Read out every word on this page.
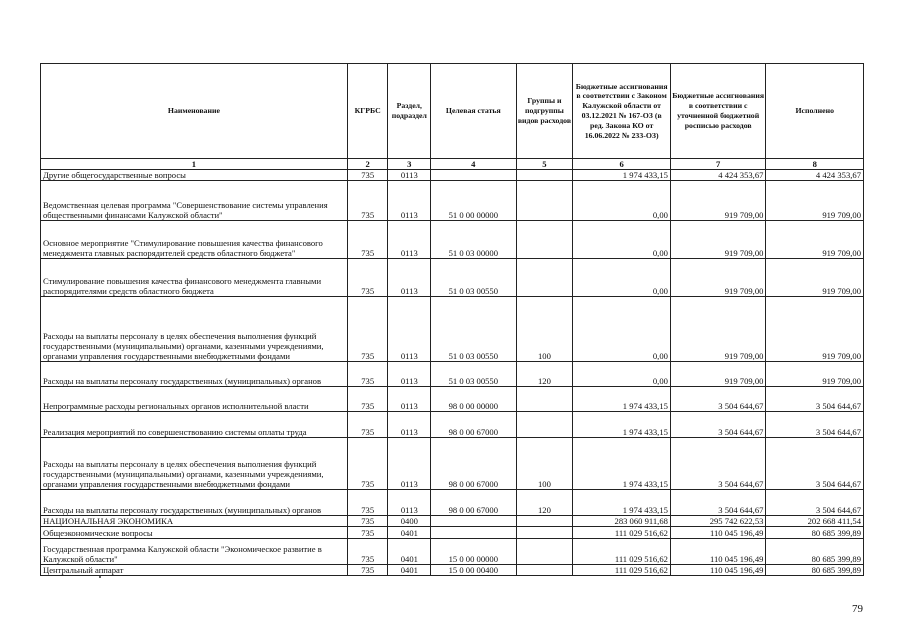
Наименование	КГРБС	Раздел, подраздел	Целевая статья	Группы и подгруппы видов расходов	Бюджетные ассигнования в соответствии с Законом Калужской области от 03.12.2021 № 167-ОЗ (в ред. Закона КО от 16.06.2022 № 233-ОЗ)	Бюджетные ассигнования в соответствии с уточненной бюджетной росписью расходов	Исполнено
1	2	3	4	5	6	7	8
Другие общегосударственные вопросы	735	0113			1 974 433,15	4 424 353,67	4 424 353,67
Ведомственная целевая программа "Совершенствование системы управления общественными финансами Калужской области"	735	0113	51 0 00 00000		0,00	919 709,00	919 709,00
Основное мероприятие "Стимулирование повышения качества финансового менеджмента главных распорядителей средств областного бюджета"	735	0113	51 0 03 00000		0,00	919 709,00	919 709,00
Стимулирование повышения качества финансового менеджмента главными распорядителями средств областного бюджета	735	0113	51 0 03 00550		0,00	919 709,00	919 709,00
Расходы на выплаты персоналу в целях обеспечения выполнения функций государственными (муниципальными) органами, казенными учреждениями, органами управления государственными внебюджетными фондами	735	0113	51 0 03 00550	100	0,00	919 709,00	919 709,00
Расходы на выплаты персоналу государственных (муниципальных) органов	735	0113	51 0 03 00550	120	0,00	919 709,00	919 709,00
Непрограммные расходы региональных органов исполнительной власти	735	0113	98 0 00 00000		1 974 433,15	3 504 644,67	3 504 644,67
Реализация мероприятий по совершенствованию системы оплаты труда	735	0113	98 0 00 67000		1 974 433,15	3 504 644,67	3 504 644,67
Расходы на выплаты персоналу в целях обеспечения выполнения функций государственными (муниципальными) органами, казенными учреждениями, органами управления государственными внебюджетными фондами	735	0113	98 0 00 67000	100	1 974 433,15	3 504 644,67	3 504 644,67
Расходы на выплаты персоналу государственных (муниципальных) органов	735	0113	98 0 00 67000	120	1 974 433,15	3 504 644,67	3 504 644,67
НАЦИОНАЛЬНАЯ ЭКОНОМИКА	735	0400			283 060 911,68	295 742 622,53	202 668 411,54
Общеэкономические вопросы	735	0401			111 029 516,62	110 045 196,49	80 685 399,89
Государственная программа Калужской области "Экономическое развитие в Калужской области"	735	0401	15 0 00 00000		111 029 516,62	110 045 196,49	80 685 399,89
Центральный аппарат	735	0401	15 0 00 00400		111 029 516,62	110 045 196,49	80 685 399,89
79
